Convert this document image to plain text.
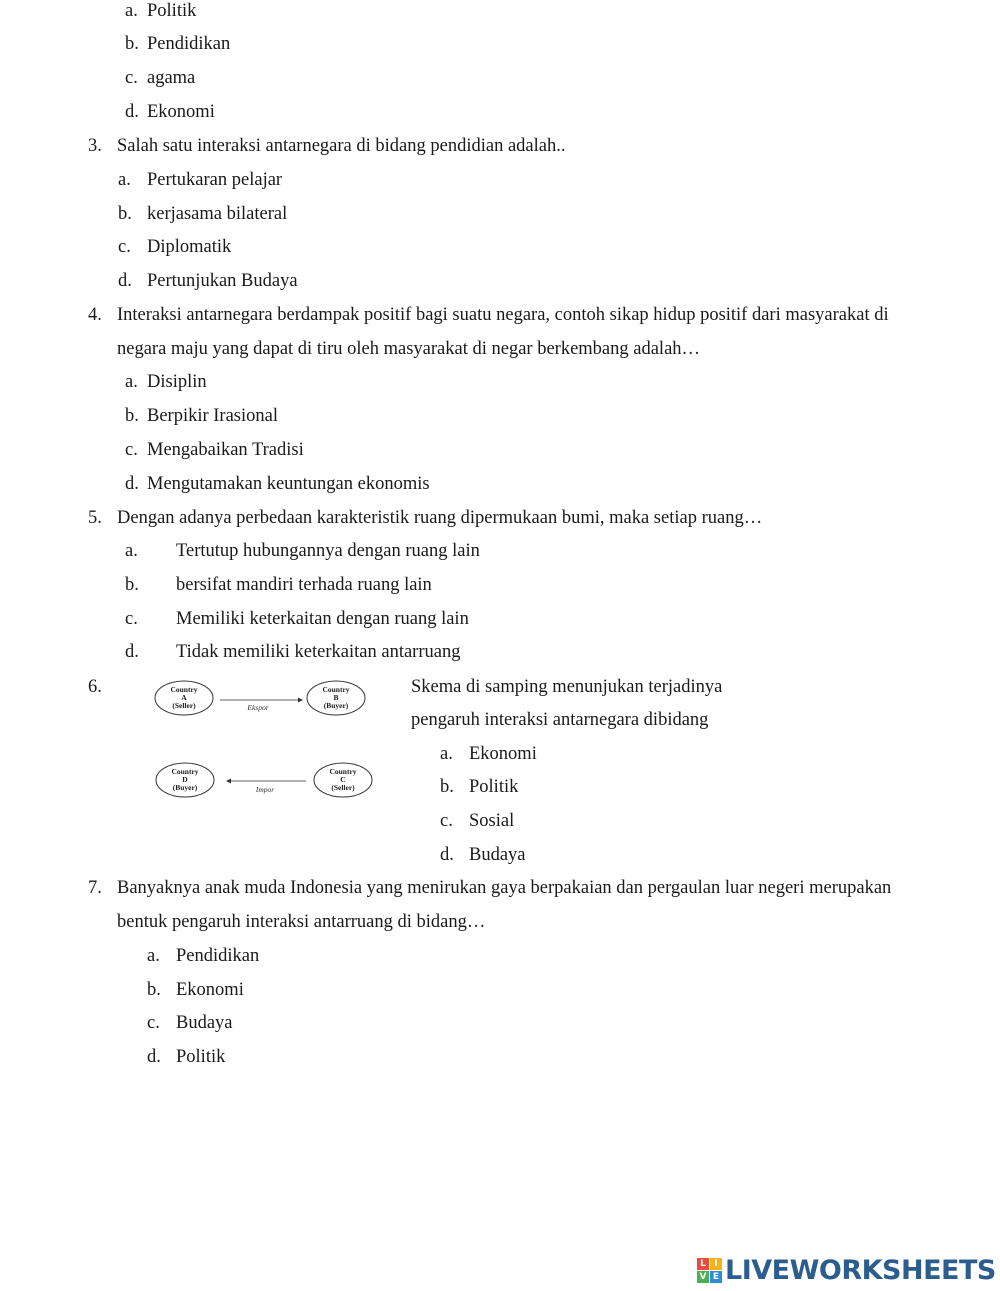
a. Politik
b. Pendidikan
c. agama
d. Ekonomi
3. Salah satu interaksi antarnegara di bidang pendidian adalah..
a. Pertukaran pelajar
b. kerjasama bilateral
c. Diplomatik
d. Pertunjukan Budaya
4. Interaksi antarnegara berdampak positif bagi suatu negara, contoh sikap hidup positif dari masyarakat di
negara maju yang dapat di tiru oleh masyarakat di negar berkembang adalah…
a. Disiplin
b. Berpikir Irasional
c. Mengabaikan Tradisi
d. Mengutamakan keuntungan ekonomis
5. Dengan adanya perbedaan karakteristik ruang dipermukaan bumi, maka setiap ruang…
a. Tertutup hubungannya dengan ruang lain
b. bersifat mandiri terhada ruang lain
c. Memiliki keterkaitan dengan ruang lain
d. Tidak memiliki keterkaitan antarruang
6.	Country
A
(Seller)
Country
B
(Buyer)
Ekspor
Country
D
(Buyer)
Country
C
(Seller)
Impor
Skema di samping menunjukan terjadinya
pengaruh interaksi antarnegara dibidang
a. Ekonomi
b. Politik
c. Sosial
d. Budaya
7. Banyaknya anak muda Indonesia yang menirukan gaya berpakaian dan pergaulan luar negeri merupakan
bentuk pengaruh interaksi antarruang di bidang…
a. Pendidikan
b. Ekonomi
c. Budaya
d. Politik
L I
V E LIVEWORKSHEETS
